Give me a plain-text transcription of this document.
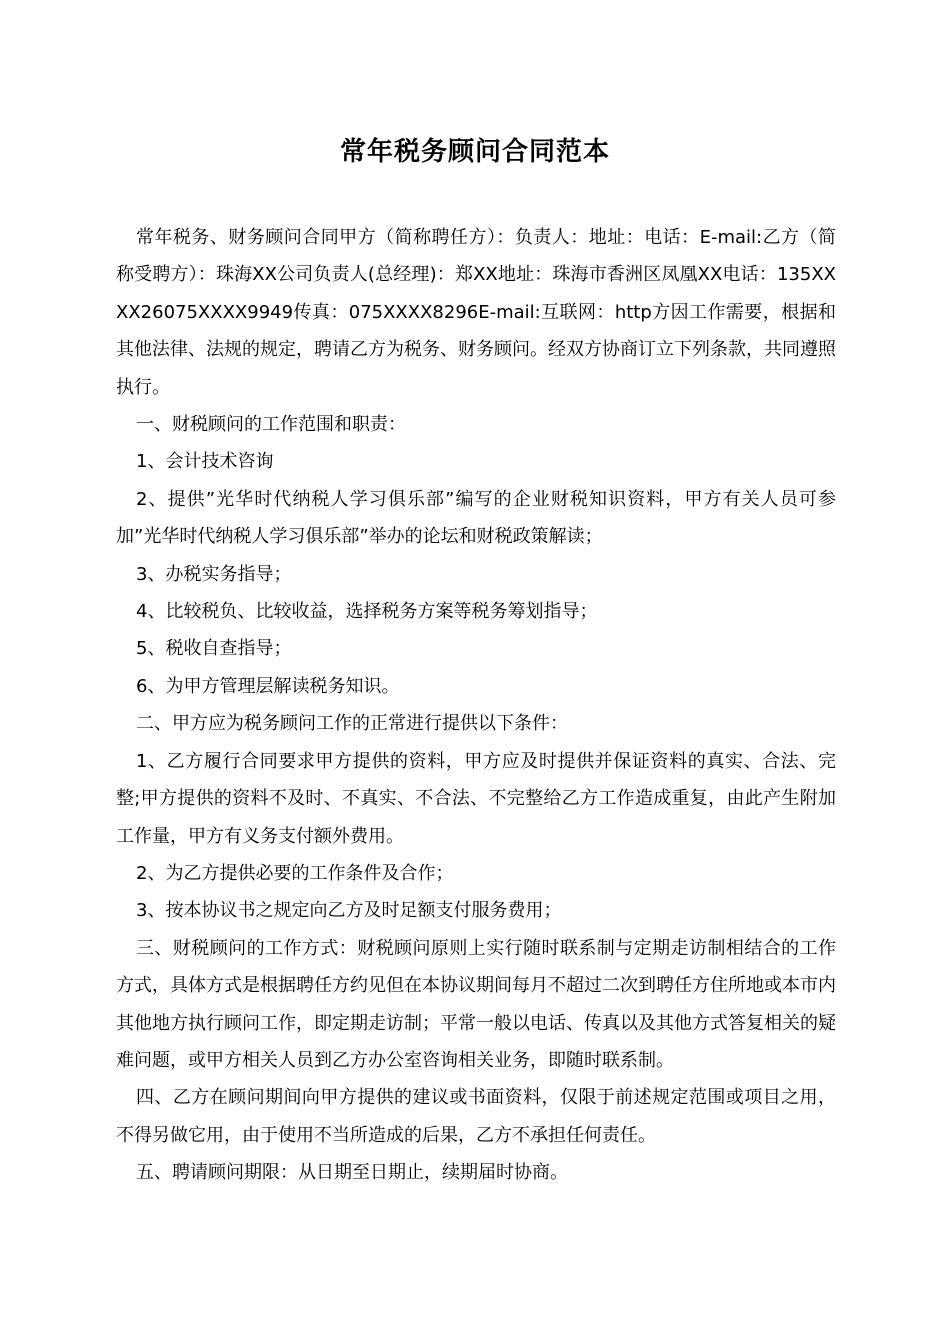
常年税务顾问合同范本

常年税务、财务顾问合同甲方（简称聘任方）：负责人：地址：电话：E-mail:乙方（简称受聘方）：珠海XX公司负责人(总经理)：郑XX地址：珠海市香洲区凤凰XX电话：135XXXX26075XXXX9949传真：075XXXX8296E-mail:互联网：http方因工作需要，根据和其他法律、法规的规定，聘请乙方为税务、财务顾问。经双方协商订立下列条款，共同遵照执行。

一、财税顾问的工作范围和职责：

1、会计技术咨询

2、提供”光华时代纳税人学习俱乐部”编写的企业财税知识资料，甲方有关人员可参加”光华时代纳税人学习俱乐部”举办的论坛和财税政策解读；

3、办税实务指导；

4、比较税负、比较收益，选择税务方案等税务筹划指导；

5、税收自查指导；

6、为甲方管理层解读税务知识。

二、甲方应为税务顾问工作的正常进行提供以下条件：

1、乙方履行合同要求甲方提供的资料，甲方应及时提供并保证资料的真实、合法、完整;甲方提供的资料不及时、不真实、不合法、不完整给乙方工作造成重复，由此产生附加工作量，甲方有义务支付额外费用。

2、为乙方提供必要的工作条件及合作；

3、按本协议书之规定向乙方及时足额支付服务费用；

三、财税顾问的工作方式：财税顾问原则上实行随时联系制与定期走访制相结合的工作方式，具体方式是根据聘任方约见但在本协议期间每月不超过二次到聘任方住所地或本市内其他地方执行顾问工作，即定期走访制；平常一般以电话、传真以及其他方式答复相关的疑难问题，或甲方相关人员到乙方办公室咨询相关业务，即随时联系制。

四、乙方在顾问期间向甲方提供的建议或书面资料，仅限于前述规定范围或项目之用，不得另做它用，由于使用不当所造成的后果，乙方不承担任何责任。

五、聘请顾问期限：从日期至日期止，续期届时协商。
